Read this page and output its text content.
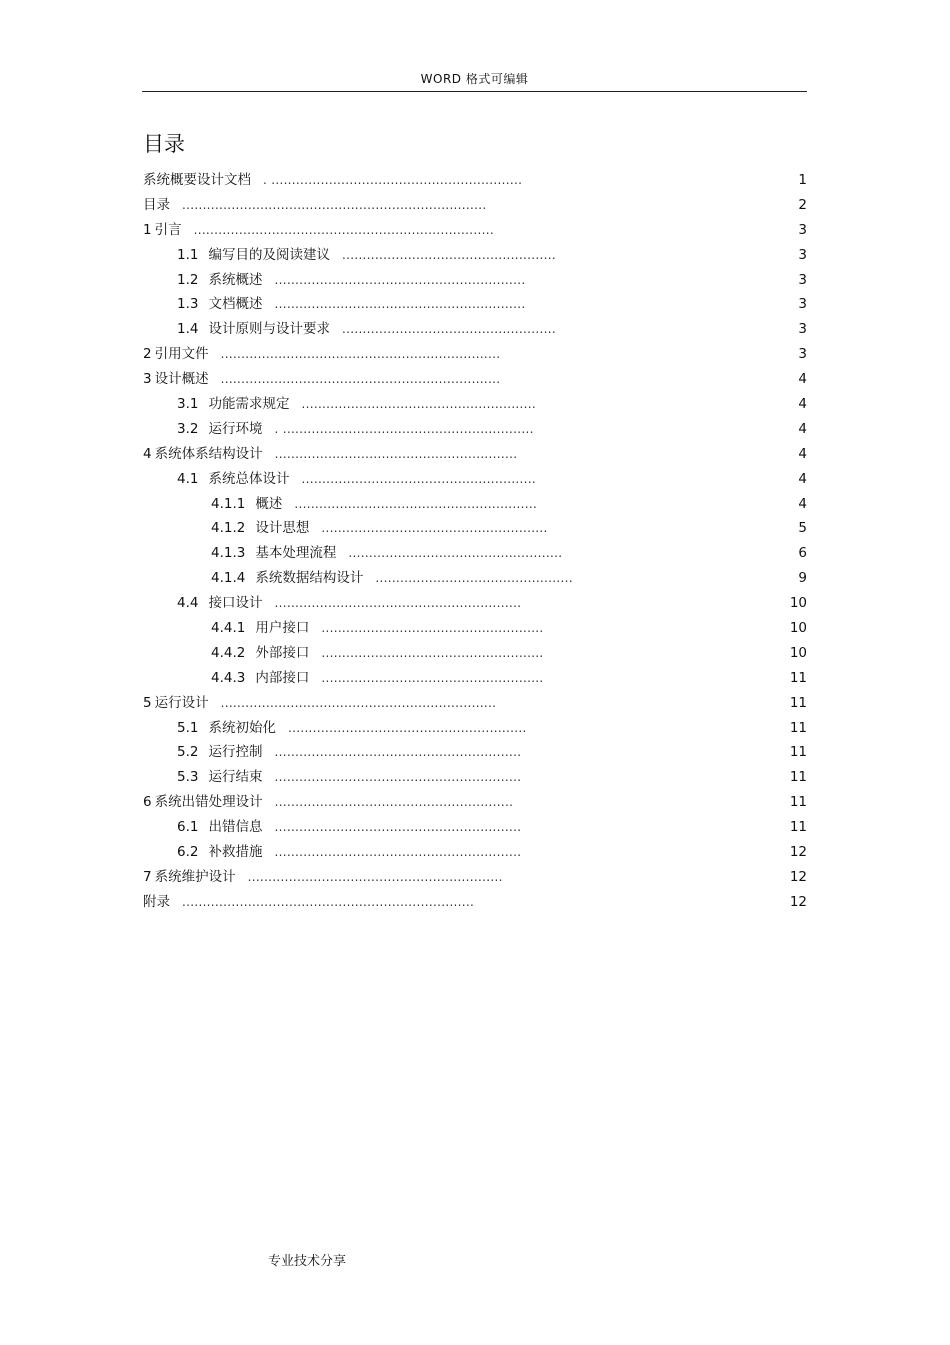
WORD 格式可编辑
目录
系统概要设计文档 . .............................................................	1
目录 ..........................................................................	2
1 引言 .........................................................................	3
1.1 编写目的及阅读建议 ....................................................	3
1.2 系统概述 .............................................................	3
1.3 文档概述 .............................................................	3
1.4 设计原则与设计要求 ....................................................	3
2 引用文件 ....................................................................	3
3 设计概述 ....................................................................	4
3.1 功能需求规定 .........................................................	4
3.2 运行环境 . .............................................................	4
4 系统体系结构设计 ...........................................................	4
4.1 系统总体设计 .........................................................	4
4.1.1 概述 ...........................................................	4
4.1.2 设计思想 .......................................................	5
4.1.3 基本处理流程 ....................................................	6
4.1.4 系统数据结构设计 ................................................	9
4.4 接口设计 ............................................................	10
4.4.1 用户接口 ......................................................	10
4.4.2 外部接口 ......................................................	10
4.4.3 内部接口 ......................................................	11
5 运行设计 ...................................................................	11
5.1 系统初始化 ..........................................................	11
5.2 运行控制 ............................................................	11
5.3 运行结束 ............................................................	11
6 系统出错处理设计 ..........................................................	11
6.1 出错信息 ............................................................	11
6.2 补救措施 ............................................................	12
7 系统维护设计 ..............................................................	12
附录 .......................................................................	12
专业技术分享
